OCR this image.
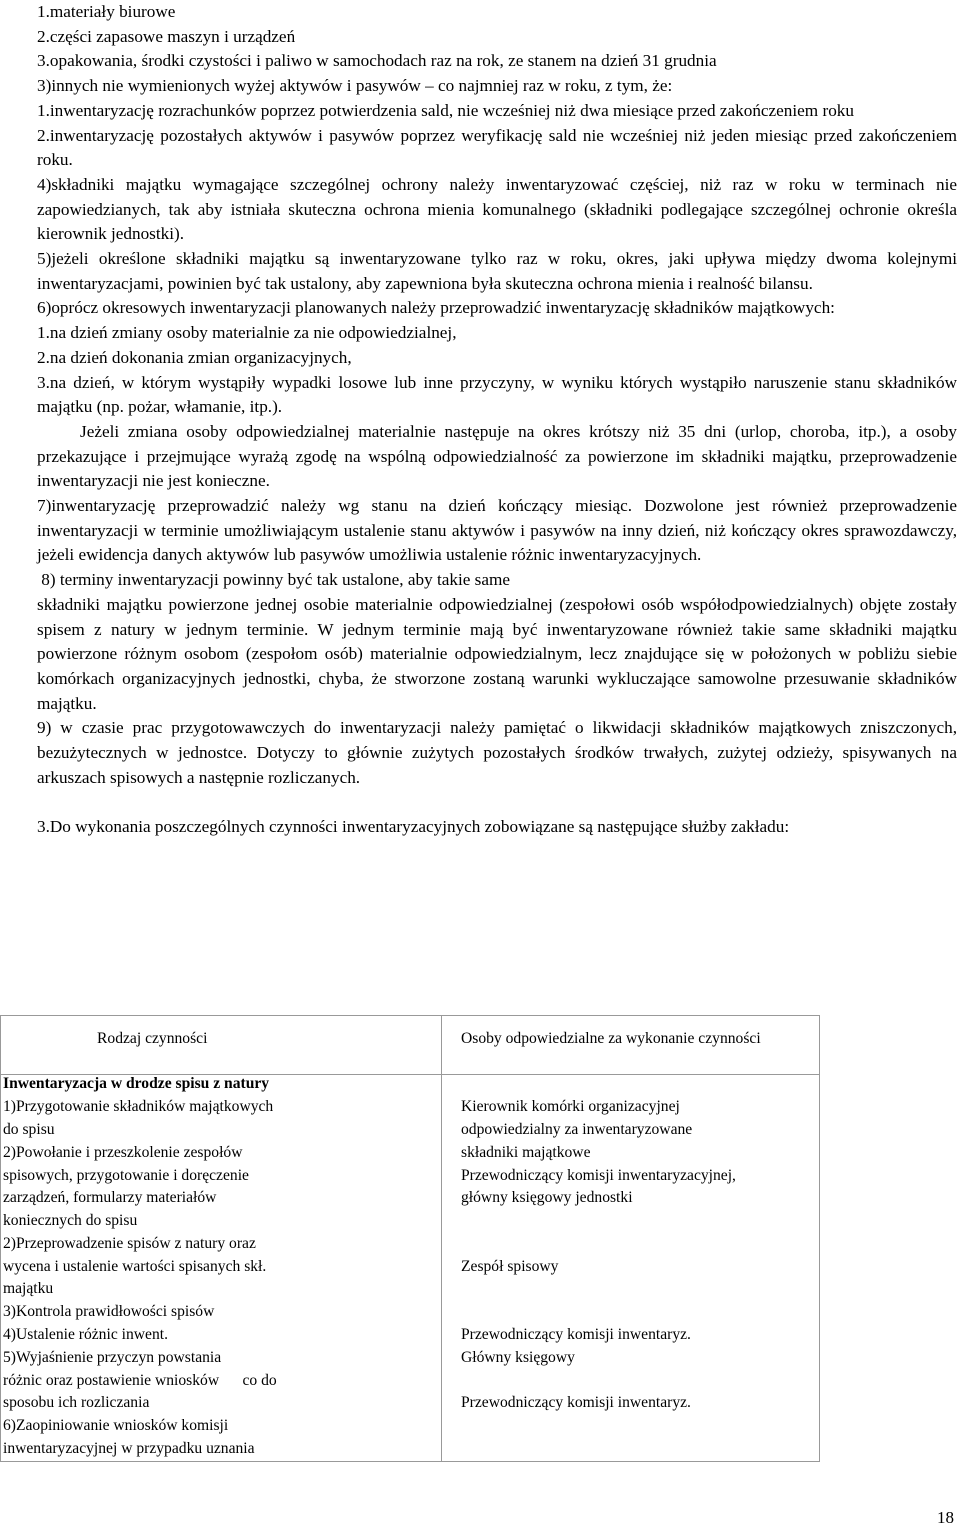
1.materiały biurowe

2.części zapasowe maszyn i urządzeń

3.opakowania, środki czystości i paliwo w samochodach raz na rok, ze stanem na dzień 31 grudnia

3)innych nie wymienionych wyżej aktywów i pasywów – co najmniej raz w roku, z tym, że:

1.inwentaryzację rozrachunków poprzez potwierdzenia sald, nie wcześniej niż dwa miesiące przed zakończeniem roku

2.inwentaryzację pozostałych aktywów i pasywów poprzez weryfikację sald nie wcześniej niż jeden miesiąc przed zakończeniem roku.

4)składniki majątku wymagające szczególnej ochrony należy inwentaryzować częściej, niż raz w roku w terminach nie zapowiedzianych, tak aby istniała skuteczna ochrona mienia komunalnego (składniki podlegające szczególnej ochronie określa kierownik jednostki).

5)jeżeli określone składniki majątku są inwentaryzowane tylko raz w roku, okres, jaki upływa między dwoma kolejnymi inwentaryzacjami, powinien być tak ustalony, aby zapewniona była skuteczna ochrona mienia i realność bilansu.

6)oprócz okresowych inwentaryzacji planowanych należy przeprowadzić inwentaryzację składników majątkowych:

1.na dzień zmiany osoby materialnie za nie odpowiedzialnej,

2.na dzień dokonania zmian organizacyjnych,

3.na dzień, w którym wystąpiły wypadki losowe lub inne przyczyny, w wyniku których wystąpiło naruszenie stanu składników majątku (np. pożar, włamanie, itp.).

Jeżeli zmiana osoby odpowiedzialnej materialnie następuje na okres krótszy niż 35 dni (urlop, choroba, itp.), a osoby przekazujące i przejmujące wyrażą zgodę na wspólną odpowiedzialność za powierzone im składniki majątku, przeprowadzenie inwentaryzacji nie jest konieczne.

7)inwentaryzację przeprowadzić należy wg stanu na dzień kończący miesiąc. Dozwolone jest również przeprowadzenie inwentaryzacji w terminie umożliwiającym ustalenie stanu aktywów i pasywów na inny dzień, niż kończący okres sprawozdawczy, jeżeli ewidencja danych aktywów lub pasywów umożliwia ustalenie różnic inwentaryzacyjnych.

8) terminy inwentaryzacji powinny być tak ustalone, aby takie same

składniki majątku powierzone jednej osobie materialnie odpowiedzialnej (zespołowi osób współodpowiedzialnych) objęte zostały spisem z natury w jednym terminie. W jednym terminie mają być inwentaryzowane również takie same składniki majątku powierzone różnym osobom (zespołom osób) materialnie odpowiedzialnym, lecz znajdujące się w położonych w pobliżu siebie komórkach organizacyjnych jednostki, chyba, że stworzone zostaną warunki wykluczające samowolne przesuwanie składników majątku.

9) w czasie prac przygotowawczych do inwentaryzacji należy pamiętać o likwidacji składników majątkowych zniszczonych, bezużytecznych w jednostce. Dotyczy to głównie zużytych pozostałych środków trwałych, zużytej odzieży, spisywanych na arkuszach spisowych a następnie rozliczanych.

3.Do wykonania poszczególnych czynności inwentaryzacyjnych zobowiązane są następujące służby zakładu:

Rodzaj czynności	Osoby odpowiedzialne za wykonanie czynności
Inwentaryzacja w drodze spisu z natury
1)Przygotowanie składników majątkowych
do spisu
2)Powołanie i przeszkolenie zespołów
spisowych, przygotowanie i doręczenie
zarządzeń, formularzy materiałów
koniecznych do spisu
2)Przeprowadzenie spisów z natury oraz
wycena i ustalenie wartości spisanych skł.
majątku
3)Kontrola prawidłowości spisów
4)Ustalenie różnic inwent.
5)Wyjaśnienie przyczyn powstania
różnic oraz postawienie wniosków      co do
sposobu ich rozliczania
6)Zaopiniowanie wniosków komisji
inwentaryzacyjnej w przypadku uznania
Kierownik komórki organizacyjnej
odpowiedzialny za inwentaryzowane
składniki majątkowe
Przewodniczący komisji inwentaryzacyjnej,
główny księgowy jednostki
Zespół spisowy
Przewodniczący komisji inwentaryz.
Główny księgowy
Przewodniczący komisji inwentaryz.
18
